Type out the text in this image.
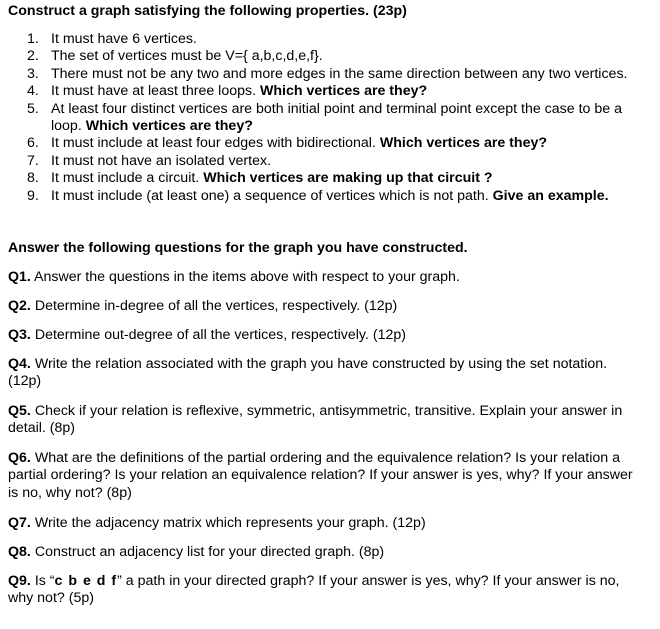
Construct a graph satisfying the following properties. (23p)
1. It must have 6 vertices.
2. The set of vertices must be V={ a,b,c,d,e,f}.
3. There must not be any two and more edges in the same direction between any two vertices.
4. It must have at least three loops. Which vertices are they?
5. At least four distinct vertices are both initial point and terminal point except the case to be a loop. Which vertices are they?
6. It must include at least four edges with bidirectional. Which vertices are they?
7. It must not have an isolated vertex.
8. It must include a circuit. Which vertices are making up that circuit ?
9. It must include (at least one) a sequence of vertices which is not path. Give an example.
Answer the following questions for the graph you have constructed.

Q1. Answer the questions in the items above with respect to your graph.

Q2. Determine in-degree of all the vertices, respectively. (12p)

Q3. Determine out-degree of all the vertices, respectively. (12p)

Q4. Write the relation associated with the graph you have constructed by using the set notation. (12p)

Q5. Check if your relation is reflexive, symmetric, antisymmetric, transitive. Explain your answer in detail. (8p)

Q6. What are the definitions of the partial ordering and the equivalence relation? Is your relation a partial ordering? Is your relation an equivalence relation? If your answer is yes, why? If your answer is no, why not? (8p)

Q7. Write the adjacency matrix which represents your graph. (12p)

Q8. Construct an adjacency list for your directed graph. (8p)

Q9. Is “c b e d f” a path in your directed graph? If your answer is yes, why? If your answer is no, why not? (5p)
